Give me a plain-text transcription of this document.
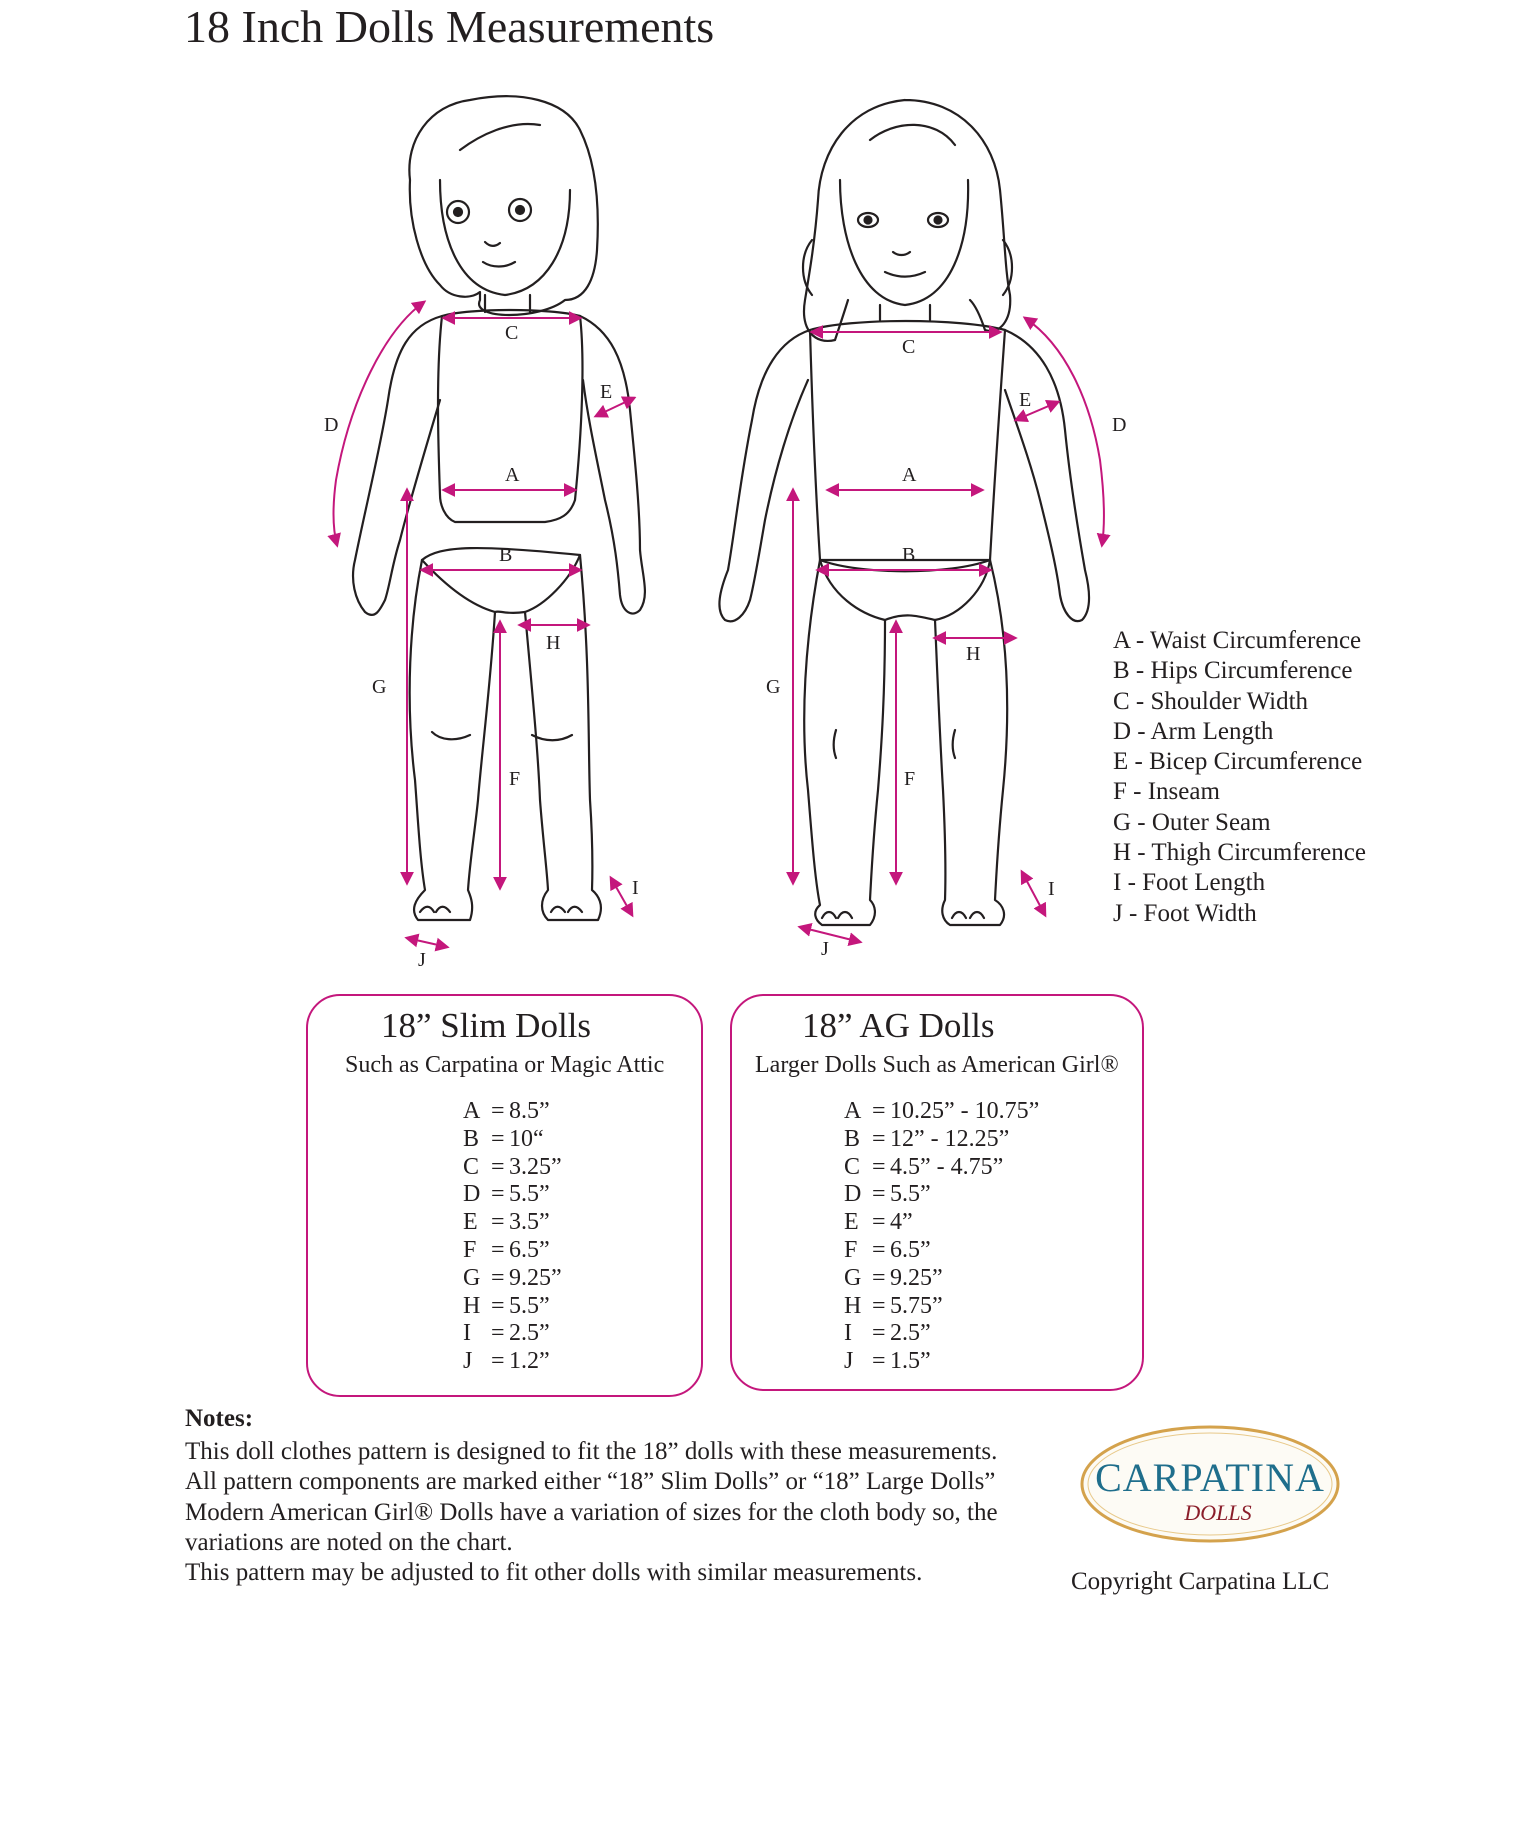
18 Inch Dolls Measurements
C
A
B
D
E
G
F
H
I
J
C
A
B
D
E
G
F
H
I
J
A - Waist Circumference
B - Hips Circumference
C - Shoulder Width
D - Arm Length
E - Bicep Circumference
F - Inseam
G - Outer Seam
H - Thigh Circumference
I - Foot Length
J - Foot Width
18” Slim Dolls
Such as Carpatina or Magic Attic
A = 8.5”
B = 10“
C = 3.25”
D = 5.5”
E = 3.5”
F = 6.5”
G = 9.25”
H = 5.5”
I = 2.5”
J = 1.2”
18” AG Dolls
Larger Dolls Such as American Girl®
A = 10.25” - 10.75”
B = 12” - 12.25”
C = 4.5” - 4.75”
D = 5.5”
E = 4”
F = 6.5”
G = 9.25”
H = 5.75”
I = 2.5”
J = 1.5”
Notes:
This doll clothes pattern is designed to fit the 18” dolls with these measurements.
All pattern components are marked either “18” Slim Dolls” or “18” Large Dolls”
Modern American Girl® Dolls have a variation of sizes for the cloth body so, the
variations are noted on the chart.
This pattern may be adjusted to fit other dolls with similar measurements.
CARPATINA
DOLLS
Copyright Carpatina LLC
